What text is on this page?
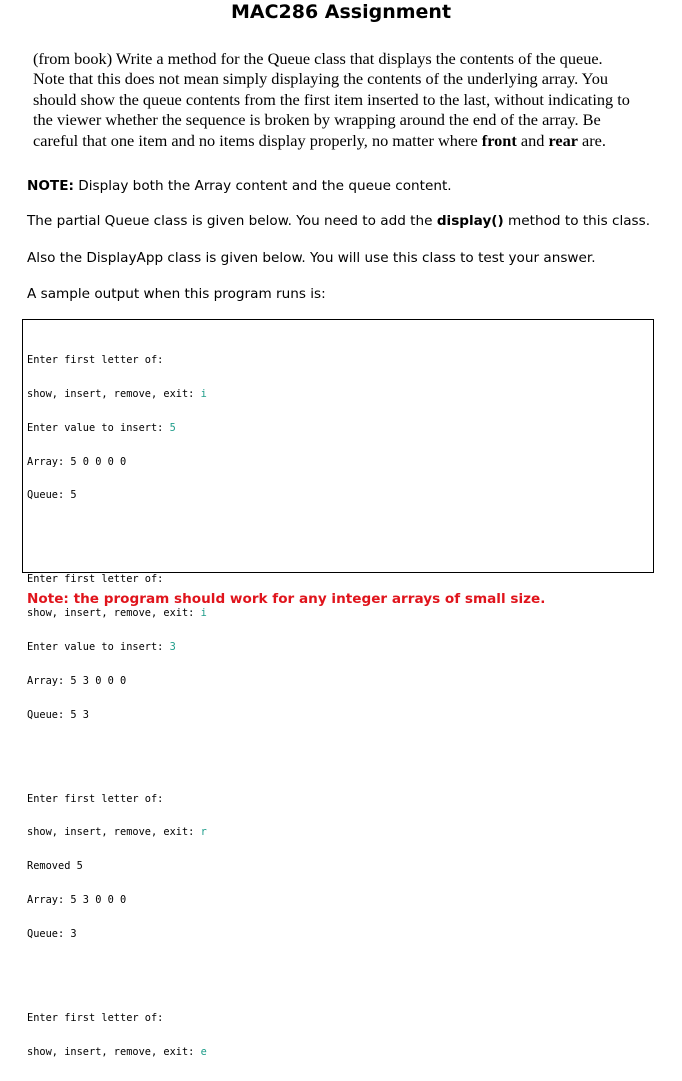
MAC286 Assignment
(from book) Write a method for the Queue class that displays the contents of the queue. Note that this does not mean simply displaying the contents of the underlying array. You should show the queue contents from the first item inserted to the last, without indicating to the viewer whether the sequence is broken by wrapping around the end of the array. Be careful that one item and no items display properly, no matter where front and rear are.
NOTE: Display both the Array content and the queue content.
The partial Queue class is given below. You need to add the display() method to this class.
Also the DisplayApp class is given below. You will use this class to test your answer.
A sample output when this program runs is:

Enter first letter of:

show, insert, remove, exit: i

Enter value to insert: 5

Array: 5 0 0 0 0

Queue: 5

Enter first letter of:

show, insert, remove, exit: i

Enter value to insert: 3

Array: 5 3 0 0 0

Queue: 5 3

Enter first letter of:

show, insert, remove, exit: r

Removed 5

Array: 5 3 0 0 0

Queue: 3

Enter first letter of:

show, insert, remove, exit: e

Note: the program should work for any integer arrays of small size.
